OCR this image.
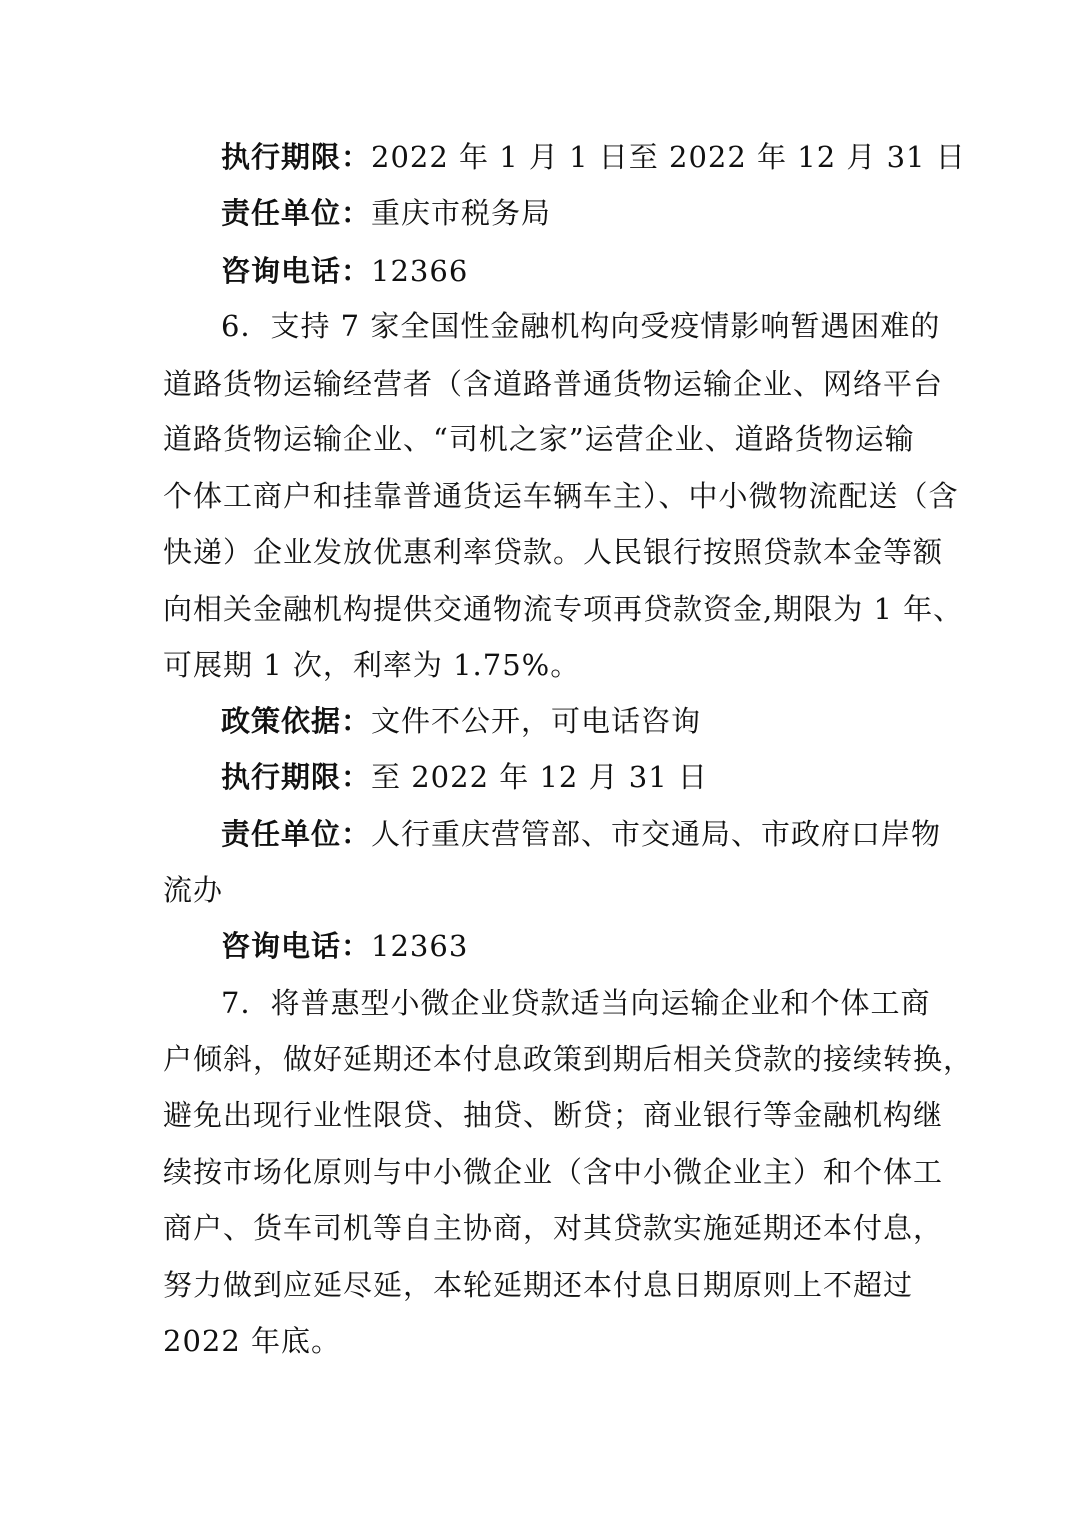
执行期限：2022 年 1 月 1 日至 2022 年 12 月 31 日
责任单位：重庆市税务局
咨询电话：12366
6．支持 7 家全国性金融机构向受疫情影响暂遇困难的
道路货物运输经营者（含道路普通货物运输企业、网络平台
道路货物运输企业、“司机之家”运营企业、道路货物运输
个体工商户和挂靠普通货运车辆车主）、中小微物流配送（含
快递）企业发放优惠利率贷款。人民银行按照贷款本金等额
向相关金融机构提供交通物流专项再贷款资金,期限为 1 年、
可展期 1 次，利率为 1.75%。
政策依据：文件不公开，可电话咨询
执行期限：至 2022 年 12 月 31 日
责任单位：人行重庆营管部、市交通局、市政府口岸物
流办
咨询电话：12363
7．将普惠型小微企业贷款适当向运输企业和个体工商
户倾斜，做好延期还本付息政策到期后相关贷款的接续转换，
避免出现行业性限贷、抽贷、断贷；商业银行等金融机构继
续按市场化原则与中小微企业（含中小微企业主）和个体工
商户、货车司机等自主协商，对其贷款实施延期还本付息，
努力做到应延尽延，本轮延期还本付息日期原则上不超过
2022 年底。
